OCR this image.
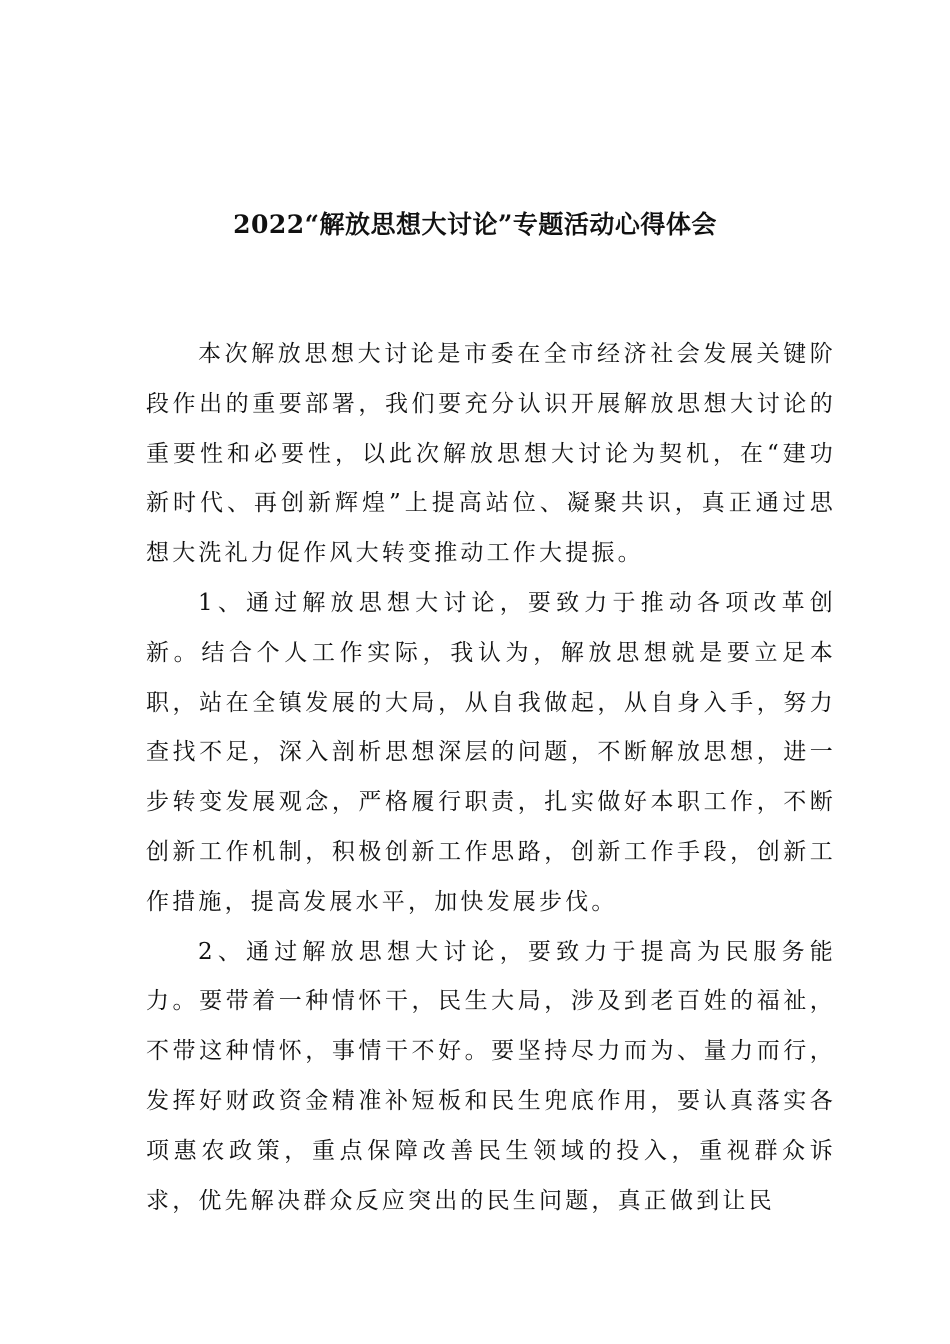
2022“解放思想大讨论”专题活动心得体会

本次解放思想大讨论是市委在全市经济社会发展关键阶段作出的重要部署，我们要充分认识开展解放思想大讨论的重要性和必要性，以此次解放思想大讨论为契机，在“建功新时代、再创新辉煌”上提高站位、凝聚共识，真正通过思想大洗礼力促作风大转变推动工作大提振。

1、通过解放思想大讨论，要致力于推动各项改革创新。结合个人工作实际，我认为，解放思想就是要立足本职，站在全镇发展的大局，从自我做起，从自身入手，努力查找不足，深入剖析思想深层的问题，不断解放思想，进一步转变发展观念，严格履行职责，扎实做好本职工作，不断创新工作机制，积极创新工作思路，创新工作手段，创新工作措施，提高发展水平，加快发展步伐。

2、通过解放思想大讨论，要致力于提高为民服务能力。要带着一种情怀干，民生大局，涉及到老百姓的福祉，不带这种情怀，事情干不好。要坚持尽力而为、量力而行，发挥好财政资金精准补短板和民生兜底作用，要认真落实各项惠农政策，重点保障改善民生领域的投入，重视群众诉求，优先解决群众反应突出的民生问题，真正做到让民
